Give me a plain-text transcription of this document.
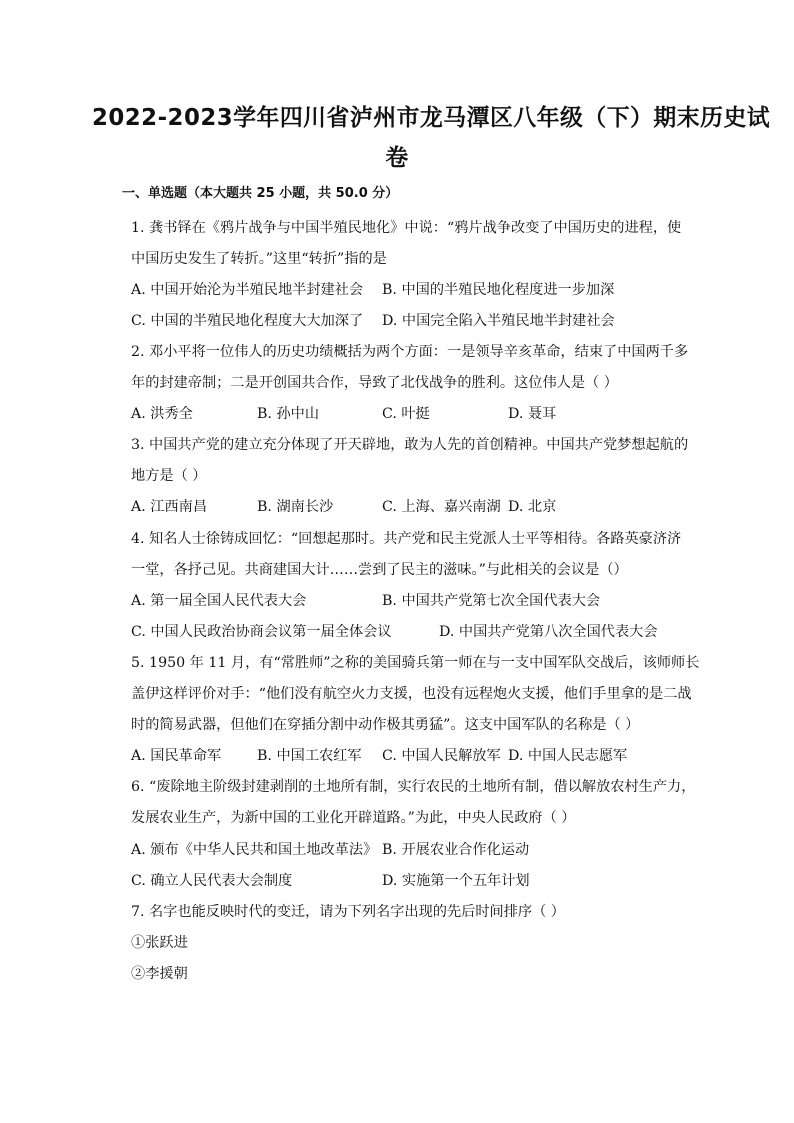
2022-2023学年四川省泸州市龙马潭区八年级（下）期末历史试
卷
一、单选题（本大题共 25 小题，共 50.0 分）
1. 龚书铎在《鸦片战争与中国半殖民地化》中说：“鸦片战争改变了中国历史的进程，使
中国历史发生了转折。”这里“转折”指的是
A. 中国开始沦为半殖民地半封建社会 B. 中国的半殖民地化程度进一步加深
C. 中国的半殖民地化程度大大加深了 D. 中国完全陷入半殖民地半封建社会
2. 邓小平将一位伟人的历史功绩概括为两个方面：一是领导辛亥革命，结束了中国两千多
年的封建帝制；二是开创国共合作，导致了北伐战争的胜利。这位伟人是（ ）
A. 洪秀全	B. 孙中山	C. 叶挺	D. 聂耳
3. 中国共产党的建立充分体现了开天辟地，敢为人先的首创精神。中国共产党梦想起航的
地方是（ ）
A. 江西南昌	B. 湖南长沙	C. 上海、嘉兴南湖 D. 北京
4. 知名人士徐铸成回忆：“回想起那时。共产党和民主党派人士平等相待。各路英豪济济
一堂，各抒己见。共商建国大计……尝到了民主的滋味。”与此相关的会议是（）
A. 第一届全国人民代表大会	B. 中国共产党第七次全国代表大会
C. 中国人民政治协商会议第一届全体会议	D. 中国共产党第八次全国代表大会
5. 1950 年 11 月，有“常胜师”之称的美国骑兵第一师在与一支中国军队交战后，该师师长
盖伊这样评价对手：“他们没有航空火力支援，也没有远程炮火支援，他们手里拿的是二战
时的简易武器，但他们在穿插分割中动作极其勇猛”。这支中国军队的名称是（ ）
A. 国民革命军	B. 中国工农红军 C. 中国人民解放军 D. 中国人民志愿军
6. “废除地主阶级封建剥削的土地所有制，实行农民的土地所有制，借以解放农村生产力，
发展农业生产，为新中国的工业化开辟道路。”为此，中央人民政府（ ）
A. 颁布《中华人民共和国土地改革法》 B. 开展农业合作化运动
C. 确立人民代表大会制度	D. 实施第一个五年计划
7. 名字也能反映时代的变迁，请为下列名字出现的先后时间排序（ ）
①张跃进
②李援朝
